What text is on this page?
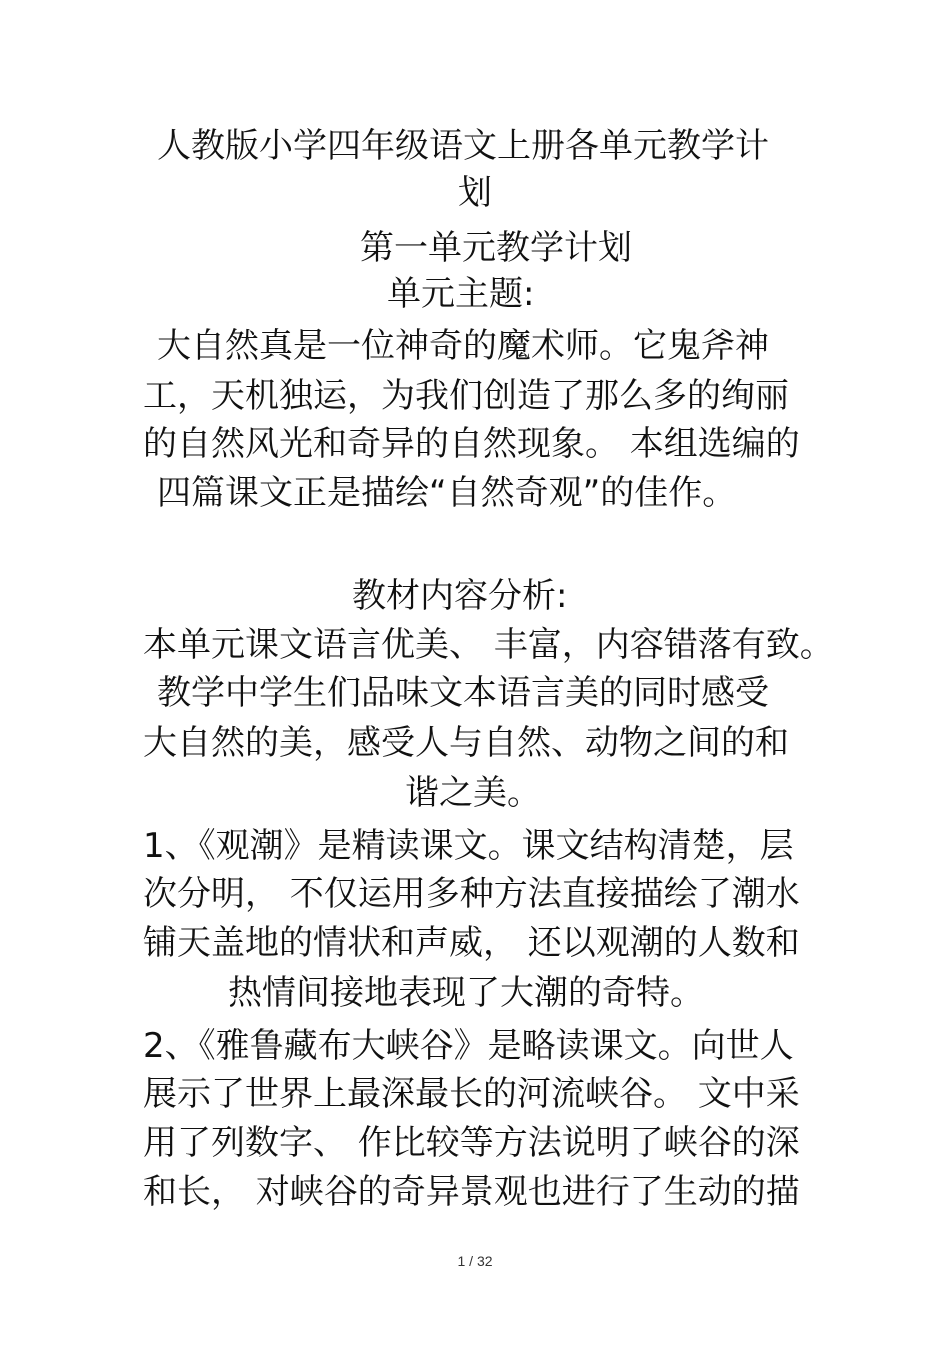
人教版小学四年级语文上册各单元教学计
划
第一单元教学计划
单元主题:
大自然真是一位神奇的魔术师。它鬼斧神
工，天机独运，为我们创造了那么多的绚丽
的自然风光和奇异的自然现象。 本组选编的
四篇课文正是描绘“自然奇观”的佳作。
教材内容分析:
本单元课文语言优美、 丰富，内容错落有致。
教学中学生们品味文本语言美的同时感受
大自然的美，感受人与自然、动物之间的和
谐之美。
1、《观潮》是精读课文。课文结构清楚，层
次分明， 不仅运用多种方法直接描绘了潮水
铺天盖地的情状和声威， 还以观潮的人数和
热情间接地表现了大潮的奇特。
2、《雅鲁藏布大峡谷》是略读课文。向世人
展示了世界上最深最长的河流峡谷。 文中采
用了列数字、 作比较等方法说明了峡谷的深
和长， 对峡谷的奇异景观也进行了生动的描
1 / 32
